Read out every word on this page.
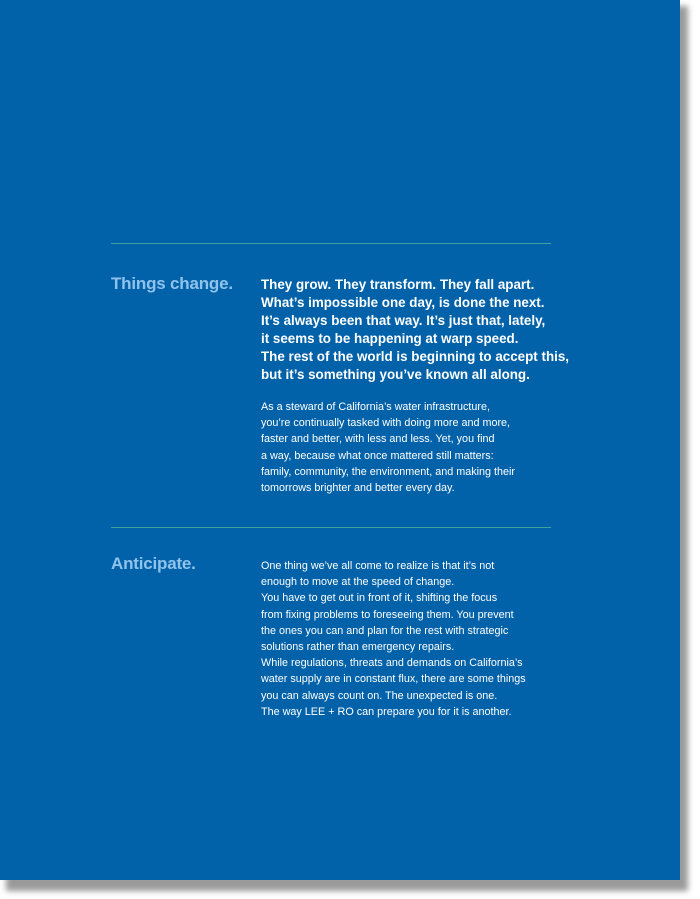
Things change. They grow. They transform. They fall apart.
What’s impossible one day, is done the next.
It’s always been that way. It’s just that, lately,
it seems to be happening at warp speed.
The rest of the world is beginning to accept this,
but it’s something you’ve known all along.

As a steward of California’s water infrastructure,
you’re continually tasked with doing more and more,
faster and better, with less and less. Yet, you find
a way, because what once mattered still matters:
family, community, the environment, and making their
tomorrows brighter and better every day.

Anticipate.	One thing we’ve all come to realize is that it’s not
enough to move at the speed of change.
You have to get out in front of it, shifting the focus
from fixing problems to foreseeing them. You prevent
the ones you can and plan for the rest with strategic
solutions rather than emergency repairs.
While regulations, threats and demands on California’s
water supply are in constant flux, there are some things
you can always count on. The unexpected is one.
The way LEE + RO can prepare you for it is another.
